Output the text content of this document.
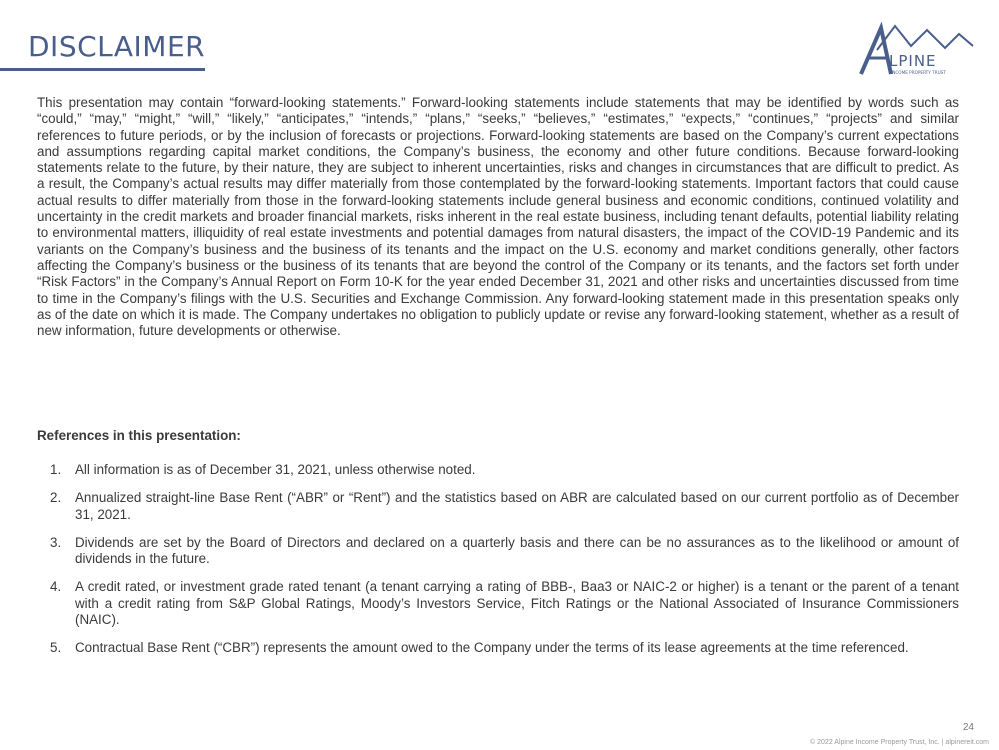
DISCLAIMER	LPINE
INCOME PROPERTY TRUST

This presentation may contain “forward-looking statements.” Forward-looking statements include statements that may be identified by words such as “could,” “may,” “might,” “will,” “likely,” “anticipates,” “intends,” “plans,” “seeks,” “believes,” “estimates,” “expects,” “continues,” “projects” and similar references to future periods, or by the inclusion of forecasts or projections. Forward-looking statements are based on the Company’s current expectations and assumptions regarding capital market conditions, the Company’s business, the economy and other future conditions. Because forward-looking statements relate to the future, by their nature, they are subject to inherent uncertainties, risks and changes in circumstances that are difficult to predict. As a result, the Company’s actual results may differ materially from those contemplated by the forward-looking statements. Important factors that could cause actual results to differ materially from those in the forward-looking statements include general business and economic conditions, continued volatility and uncertainty in the credit markets and broader financial markets, risks inherent in the real estate business, including tenant defaults, potential liability relating to environmental matters, illiquidity of real estate investments and potential damages from natural disasters, the impact of the COVID-19 Pandemic and its variants on the Company’s business and the business of its tenants and the impact on the U.S. economy and market conditions generally, other factors affecting the Company’s business or the business of its tenants that are beyond the control of the Company or its tenants, and the factors set forth under “Risk Factors” in the Company’s Annual Report on Form 10-K for the year ended December 31, 2021 and other risks and uncertainties discussed from time to time in the Company’s filings with the U.S. Securities and Exchange Commission. Any forward-looking statement made in this presentation speaks only as of the date on which it is made. The Company undertakes no obligation to publicly update or revise any forward-looking statement, whether as a result of new information, future developments or otherwise.

References in this presentation:

1. All information is as of December 31, 2021, unless otherwise noted.
2. Annualized straight-line Base Rent (“ABR” or “Rent”) and the statistics based on ABR are calculated based on our current portfolio as of December 31, 2021.
3. Dividends are set by the Board of Directors and declared on a quarterly basis and there can be no assurances as to the likelihood or amount of dividends in the future.
4. A credit rated, or investment grade rated tenant (a tenant carrying a rating of BBB-, Baa3 or NAIC-2 or higher) is a tenant or the parent of a tenant with a credit rating from S&P Global Ratings, Moody’s Investors Service, Fitch Ratings or the National Associated of Insurance Commissioners (NAIC).
5. Contractual Base Rent (“CBR”) represents the amount owed to the Company under the terms of its lease agreements at the time referenced.
24
© 2022 Alpine Income Property Trust, Inc. | alpinereit.com
